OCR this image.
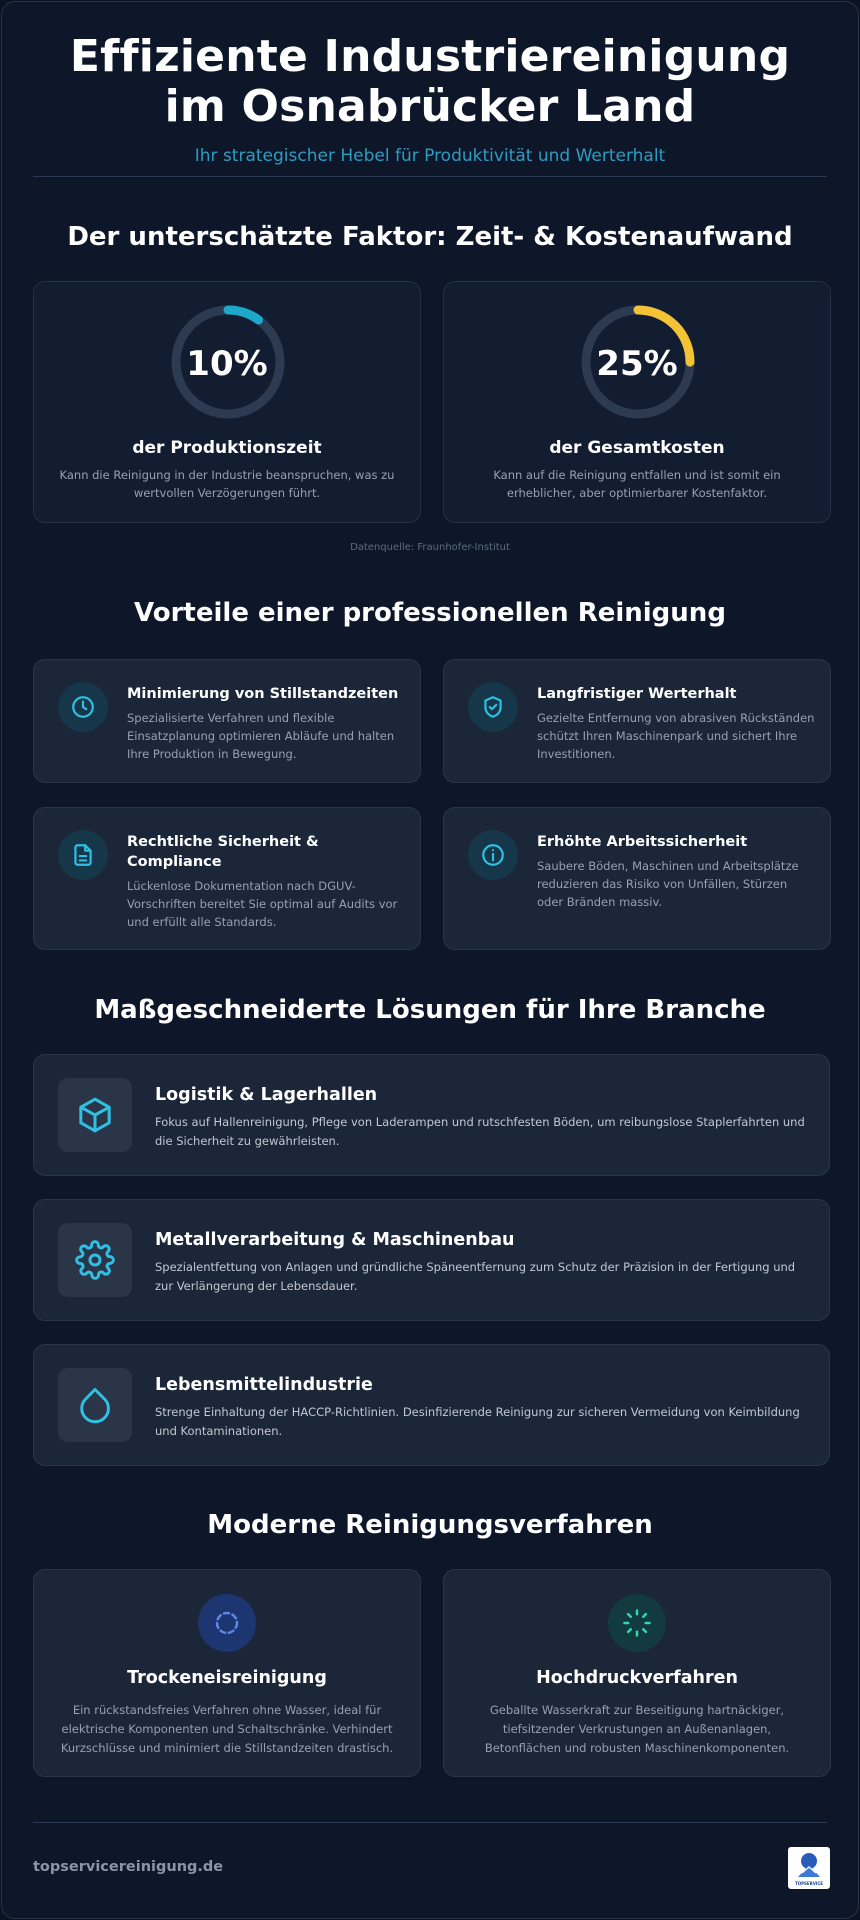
Effiziente Industriereinigung im Osnabrücker Land
Ihr strategischer Hebel für Produktivität und Werterhalt
Der unterschätzte Faktor: Zeit- & Kostenaufwand
10%
der Produktionszeit
Kann die Reinigung in der Industrie beanspruchen, was zu wertvollen Verzögerungen führt.
25%
der Gesamtkosten
Kann auf die Reinigung entfallen und ist somit ein erheblicher, aber optimierbarer Kostenfaktor.
Datenquelle: Fraunhofer-Institut
Vorteile einer professionellen Reinigung
Minimierung von Stillstandzeiten
Spezialisierte Verfahren und flexible Einsatzplanung optimieren Abläufe und halten Ihre Produktion in Bewegung.
Langfristiger Werterhalt
Gezielte Entfernung von abrasiven Rückständen schützt Ihren Maschinenpark und sichert Ihre Investitionen.
Rechtliche Sicherheit & Compliance
Lückenlose Dokumentation nach DGUV-Vorschriften bereitet Sie optimal auf Audits vor und erfüllt alle Standards.
Erhöhte Arbeitssicherheit
Saubere Böden, Maschinen und Arbeitsplätze reduzieren das Risiko von Unfällen, Stürzen oder Bränden massiv.
Maßgeschneiderte Lösungen für Ihre Branche
Logistik & Lagerhallen
Fokus auf Hallenreinigung, Pflege von Laderampen und rutschfesten Böden, um reibungslose Staplerfahrten und die Sicherheit zu gewährleisten.
Metallverarbeitung & Maschinenbau
Spezialentfettung von Anlagen und gründliche Späneentfernung zum Schutz der Präzision in der Fertigung und zur Verlängerung der Lebensdauer.
Lebensmittelindustrie
Strenge Einhaltung der HACCP-Richtlinien. Desinfizierende Reinigung zur sicheren Vermeidung von Keimbildung und Kontaminationen.
Moderne Reinigungsverfahren
Trockeneisreinigung
Ein rückstandsfreies Verfahren ohne Wasser, ideal für elektrische Komponenten und Schaltschränke. Verhindert Kurzschlüsse und minimiert die Stillstandzeiten drastisch.
Hochdruckverfahren
Geballte Wasserkraft zur Beseitigung hartnäckiger, tiefsitzender Verkrustungen an Außenanlagen, Betonflächen und robusten Maschinenkomponenten.
topservicereinigung.de
TOPSERVICE
